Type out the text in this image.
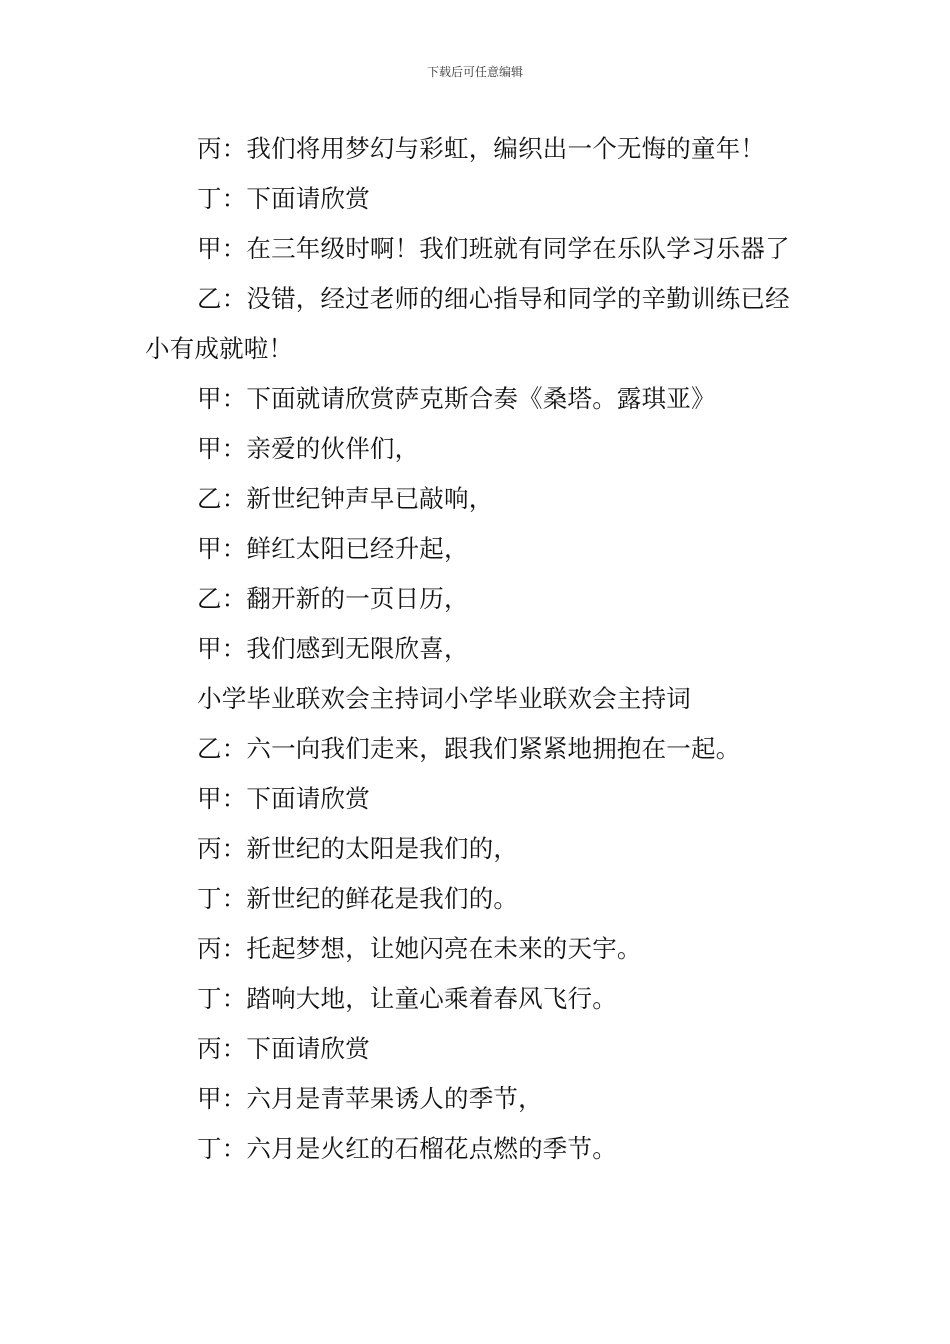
下载后可任意编辑

丙：我们将用梦幻与彩虹，编织出一个无悔的童年！

丁：下面请欣赏

甲：在三年级时啊！我们班就有同学在乐队学习乐器了

乙：没错，经过老师的细心指导和同学的辛勤训练已经小有成就啦！

甲：下面就请欣赏萨克斯合奏《桑塔。露琪亚》

甲：亲爱的伙伴们，

乙：新世纪钟声早已敲响，

甲：鲜红太阳已经升起，

乙：翻开新的一页日历，

甲：我们感到无限欣喜，

小学毕业联欢会主持词小学毕业联欢会主持词

乙：六一向我们走来，跟我们紧紧地拥抱在一起。

甲：下面请欣赏

丙：新世纪的太阳是我们的，

丁：新世纪的鲜花是我们的。

丙：托起梦想，让她闪亮在未来的天宇。

丁：踏响大地，让童心乘着春风飞行。

丙：下面请欣赏

甲：六月是青苹果诱人的季节，

丁：六月是火红的石榴花点燃的季节。
